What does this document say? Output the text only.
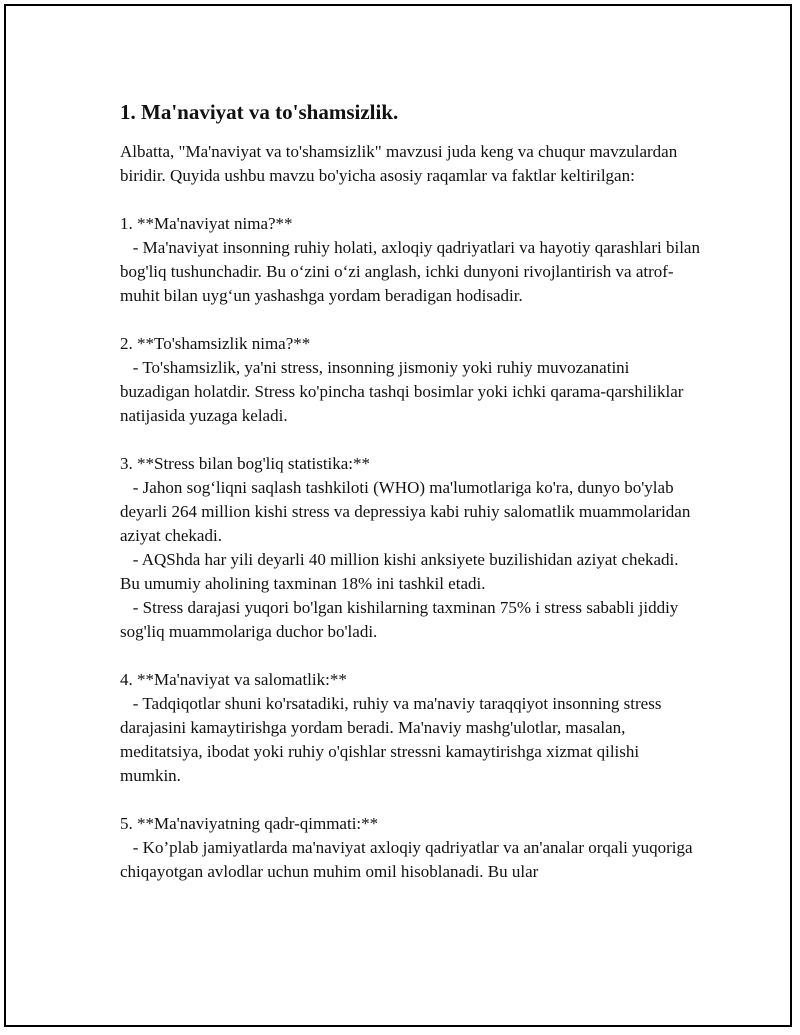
1. Ma'naviyat va to'shamsizlik.

Albatta, "Ma'naviyat va to'shamsizlik" mavzusi juda keng va chuqur mavzulardan biridir. Quyida ushbu mavzu bo'yicha asosiy raqamlar va faktlar keltirilgan:

1. **Ma'naviyat nima?**

- Ma'naviyat insonning ruhiy holati, axloqiy qadriyatlari va hayotiy qarashlari bilan bog'liq tushunchadir. Bu o‘zini o‘zi anglash, ichki dunyoni rivojlantirish va atrof-muhit bilan uyg‘un yashashga yordam beradigan hodisadir.

2. **To'shamsizlik nima?**

- To'shamsizlik, ya'ni stress, insonning jismoniy yoki ruhiy muvozanatini buzadigan holatdir. Stress ko'pincha tashqi bosimlar yoki ichki qarama-qarshiliklar natijasida yuzaga keladi.

3. **Stress bilan bog'liq statistika:**

- Jahon sog‘liqni saqlash tashkiloti (WHO) ma'lumotlariga ko'ra, dunyo bo'ylab deyarli 264 million kishi stress va depressiya kabi ruhiy salomatlik muammolaridan aziyat chekadi.

- AQShda har yili deyarli 40 million kishi anksiyete buzilishidan aziyat chekadi. Bu umumiy aholining taxminan 18% ini tashkil etadi.

- Stress darajasi yuqori bo'lgan kishilarning taxminan 75% i stress sababli jiddiy sog'liq muammolariga duchor bo'ladi.

4. **Ma'naviyat va salomatlik:**

- Tadqiqotlar shuni ko'rsatadiki, ruhiy va ma'naviy taraqqiyot insonning stress darajasini kamaytirishga yordam beradi. Ma'naviy mashg'ulotlar, masalan, meditatsiya, ibodat yoki ruhiy o'qishlar stressni kamaytirishga xizmat qilishi mumkin.

5. **Ma'naviyatning qadr-qimmati:**

- Ko’plab jamiyatlarda ma'naviyat axloqiy qadriyatlar va an'analar orqali yuqoriga chiqayotgan avlodlar uchun muhim omil hisoblanadi. Bu ular
